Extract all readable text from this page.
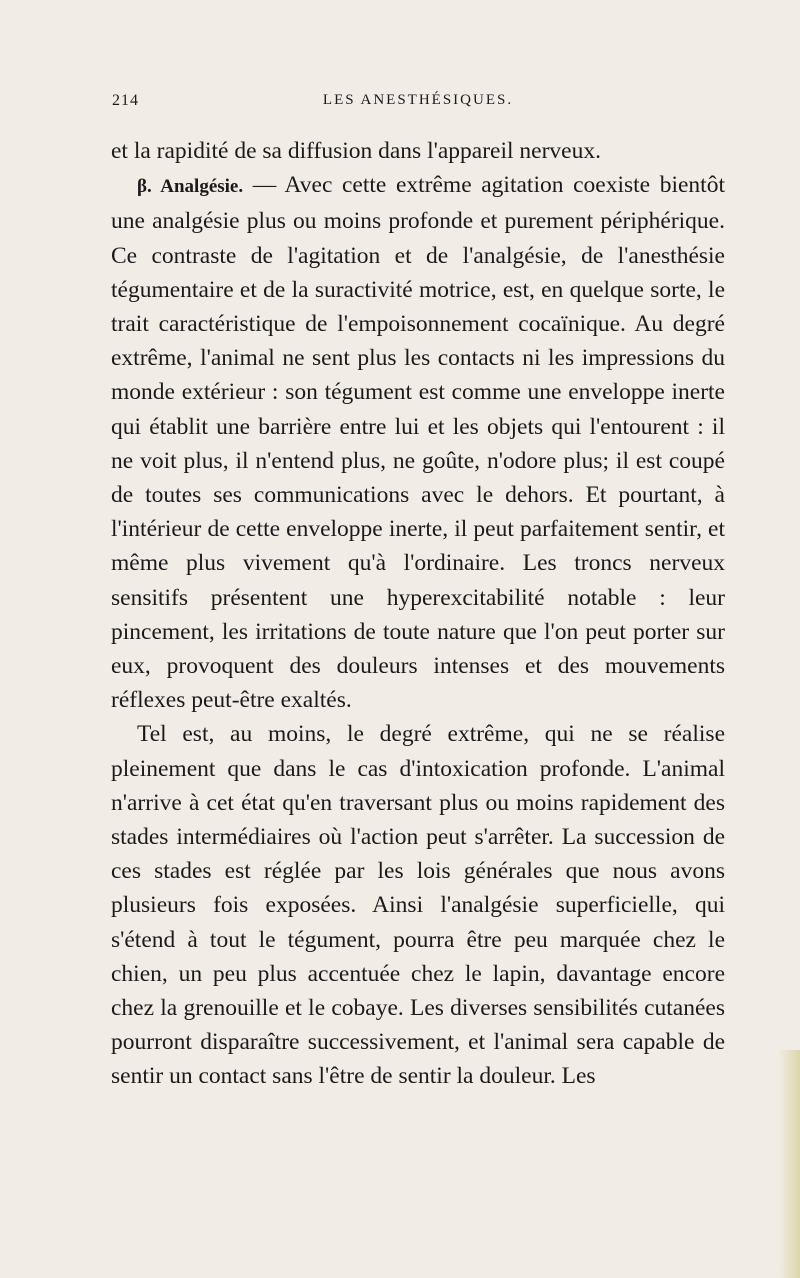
214	LES ANESTHÉSIQUES.

et la rapidité de sa diffusion dans l'appareil nerveux.

β. Analgésie. — Avec cette extrême agitation coexiste bientôt une analgésie plus ou moins profonde et purement périphérique. Ce contraste de l'agitation et de l'analgésie, de l'anesthésie tégumentaire et de la suractivité motrice, est, en quelque sorte, le trait caractéristique de l'empoisonnement cocaïnique. Au degré extrême, l'animal ne sent plus les contacts ni les impressions du monde extérieur : son tégument est comme une enveloppe inerte qui établit une barrière entre lui et les objets qui l'entourent : il ne voit plus, il n'entend plus, ne goûte, n'odore plus; il est coupé de toutes ses communications avec le dehors. Et pourtant, à l'intérieur de cette enveloppe inerte, il peut parfaitement sentir, et même plus vivement qu'à l'ordinaire. Les troncs nerveux sensitifs présentent une hyperexcitabilité notable : leur pincement, les irritations de toute nature que l'on peut porter sur eux, provoquent des douleurs intenses et des mouvements réflexes peut-être exaltés.

Tel est, au moins, le degré extrême, qui ne se réalise pleinement que dans le cas d'intoxication profonde. L'animal n'arrive à cet état qu'en traversant plus ou moins rapidement des stades intermédiaires où l'action peut s'arrêter. La succession de ces stades est réglée par les lois générales que nous avons plusieurs fois exposées. Ainsi l'analgésie superficielle, qui s'étend à tout le tégument, pourra être peu marquée chez le chien, un peu plus accentuée chez le lapin, davantage encore chez la grenouille et le cobaye. Les diverses sensibilités cutanées pourront disparaître successivement, et l'animal sera capable de sentir un contact sans l'être de sentir la douleur. Les
